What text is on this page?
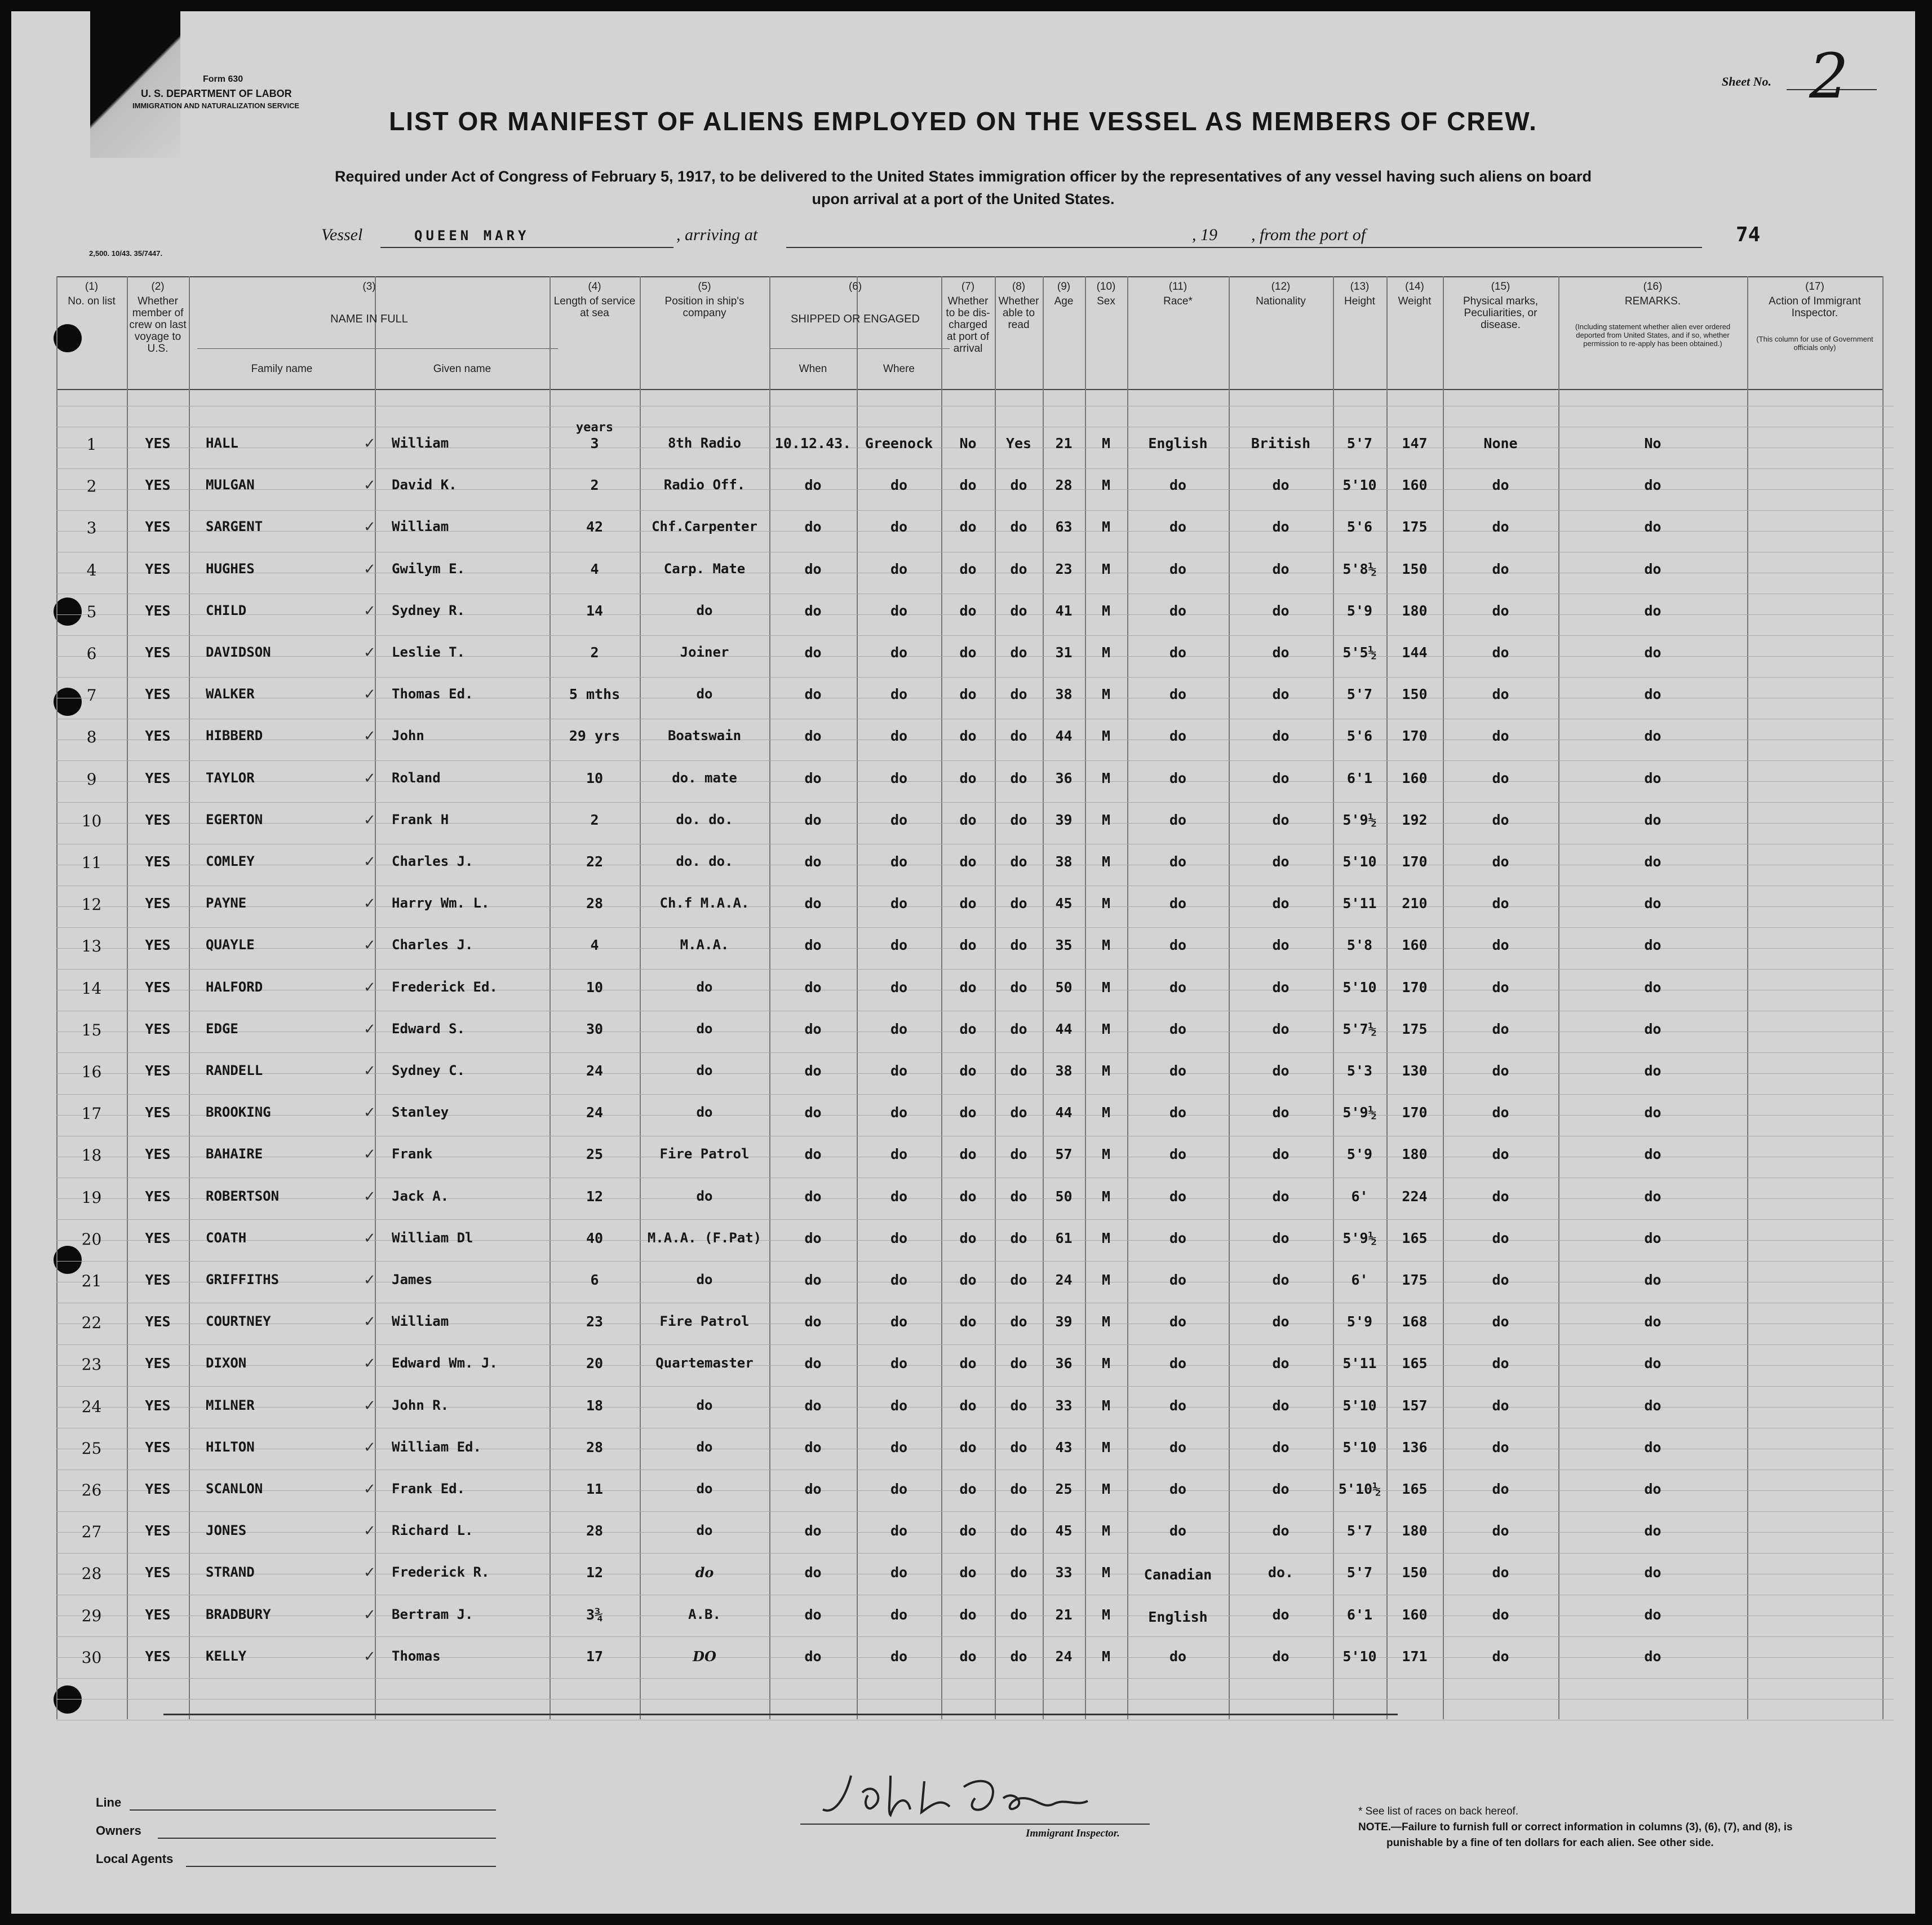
Form 630
U. S. DEPARTMENT OF LABOR
IMMIGRATION AND NATURALIZATION SERVICE
2,500. 10/43. 35/7447.
Sheet No. 2
LIST OR MANIFEST OF ALIENS EMPLOYED ON THE VESSEL AS MEMBERS OF CREW.
Required under Act of Congress of February 5, 1917, to be delivered to the United States immigration officer by the representatives of any vessel having such aliens on board
upon arrival at a port of the United States.
Vessel	QUEEN MARY	, arriving at	, 19 , from the port of	74
1	YES	HALL	William	3	8th Radio	10.12.43. Greenock	No	Yes	21	M	English	British	5'7	147	None	No
✓
2	YES	MULGAN	David K.	2	Radio Off.	do	do	do	do	28	M	do	do	5'10	160	do	do
✓
3	YES	SARGENT	William	42	Chf.Carpenter	do	do	do	do	63	M	do	do	5'6	175	do	do
✓
4	YES	HUGHES	Gwilym E.	4	Carp. Mate	do	do	do	do	23	M	do	do	5'8½	150	do	do
✓
5	YES	CHILD	Sydney R.	14	do	do	do	do	do	41	M	do	do	5'9	180	do	do
✓
6	YES	DAVIDSON	Leslie T.	2	Joiner	do	do	do	do	31	M	do	do	5'5½	144	do	do
✓
7	YES	WALKER	Thomas Ed.	5 mths	do	do	do	do	do	38	M	do	do	5'7	150	do	do
✓
8	YES	HIBBERD	John	29 yrs	Boatswain	do	do	do	do	44	M	do	do	5'6	170	do	do
✓
9	YES	TAYLOR	Roland	10	do. mate	do	do	do	do	36	M	do	do	6'1	160	do	do
✓
10	YES	EGERTON	Frank H	2	do. do.	do	do	do	do	39	M	do	do	5'9½	192	do	do
✓
11	YES	COMLEY	Charles J.	22	do. do.	do	do	do	do	38	M	do	do	5'10	170	do	do
✓
12	YES	PAYNE	Harry Wm. L.	28	Ch.f M.A.A.	do	do	do	do	45	M	do	do	5'11	210	do	do
✓
13	YES	QUAYLE	Charles J.	4	M.A.A.	do	do	do	do	35	M	do	do	5'8	160	do	do
✓
14	YES	HALFORD	Frederick Ed.	10	do	do	do	do	do	50	M	do	do	5'10	170	do	do
✓
15	YES	EDGE	Edward S.	30	do	do	do	do	do	44	M	do	do	5'7½	175	do	do
✓
16	YES	RANDELL	Sydney C.	24	do	do	do	do	do	38	M	do	do	5'3	130	do	do
✓
17	YES	BROOKING	Stanley	24	do	do	do	do	do	44	M	do	do	5'9½	170	do	do
✓
18	YES	BAHAIRE	Frank	25	Fire Patrol	do	do	do	do	57	M	do	do	5'9	180	do	do
✓
19	YES	ROBERTSON	Jack A.	12	do	do	do	do	do	50	M	do	do	6'	224	do	do
✓
20	YES	COATH	William Dl	40	M.A.A. (F.Pat)	do	do	do	do	61	M	do	do	5'9½	165	do	do
✓
21	YES	GRIFFITHS	James	6	do	do	do	do	do	24	M	do	do	6'	175	do	do
✓
22	YES	COURTNEY	William	23	Fire Patrol	do	do	do	do	39	M	do	do	5'9	168	do	do
✓
23	YES	DIXON	Edward Wm. J.	20	Quartemaster	do	do	do	do	36	M	do	do	5'11	165	do	do
✓
24	YES	MILNER	John R.	18	do	do	do	do	do	33	M	do	do	5'10	157	do	do
✓
25	YES	HILTON	William Ed.	28	do	do	do	do	do	43	M	do	do	5'10	136	do	do
✓
26	YES	SCANLON	Frank Ed.	11	do	do	do	do	do	25	M	do	do	5'10½	165	do	do
✓
27	YES	JONES	Richard L.	28	do	do	do	do	do	45	M	do	do	5'7	180	do	do
✓
28	YES	STRAND	Frederick R.	12	do	do	do	do	do	33	M	Canadian	do.	5'7	150	do	do
✓
29	YES	BRADBURY	Bertram J.	3¾	A.B.	do	do	do	do	21	M	English	do	6'1	160	do	do
✓
30	YES	KELLY	Thomas	17	DO	do	do	do	do	24	M	do	do	5'10	171	do	do
✓
Line
Owners
Local Agents
Immigrant Inspector.
* See list of races on back hereof.
NOTE.—Failure to furnish full or correct information in columns (3), (6), (7), and (8), is
punishable by a fine of ten dollars for each alien. See other side.
(1)
No. on list
(2)
Whether member of crew on last voyage to U.S.
(3)
NAME IN FULL
Family name	Given name
(4)
Length of service at sea
(5)
Position in ship's company
(6)
SHIPPED OR ENGAGED
When	Where
(7)
Whether to be dis-charged at port of arrival
(8)
Whether able to read
(9)
Age
(10)
Sex
(11)
Race*
(12)
Nationality
(13)
Height
(14)
Weight
(15)
Physical marks, Peculiarities, or disease.
(16)
REMARKS.
(Including statement whether alien ever ordered deported from United States, and if so, whether permission to re-apply has been obtained.)
(17)
Action of Immigrant Inspector.
(This column for use of Government officials only)
years
